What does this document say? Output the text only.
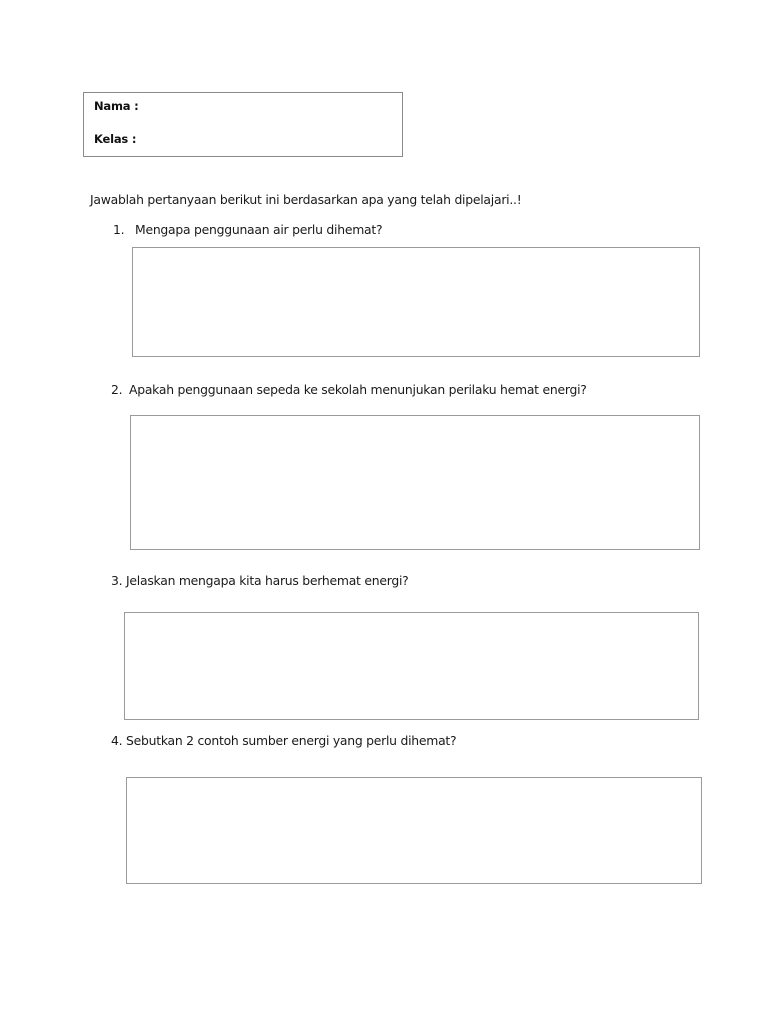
Nama :
Kelas :
Jawablah pertanyaan berikut ini berdasarkan apa yang telah dipelajari..!
1. Mengapa penggunaan air perlu dihemat?
2. Apakah penggunaan sepeda ke sekolah menunjukan perilaku hemat energi?
3. Jelaskan mengapa kita harus berhemat energi?
4. Sebutkan 2 contoh sumber energi yang perlu dihemat?
